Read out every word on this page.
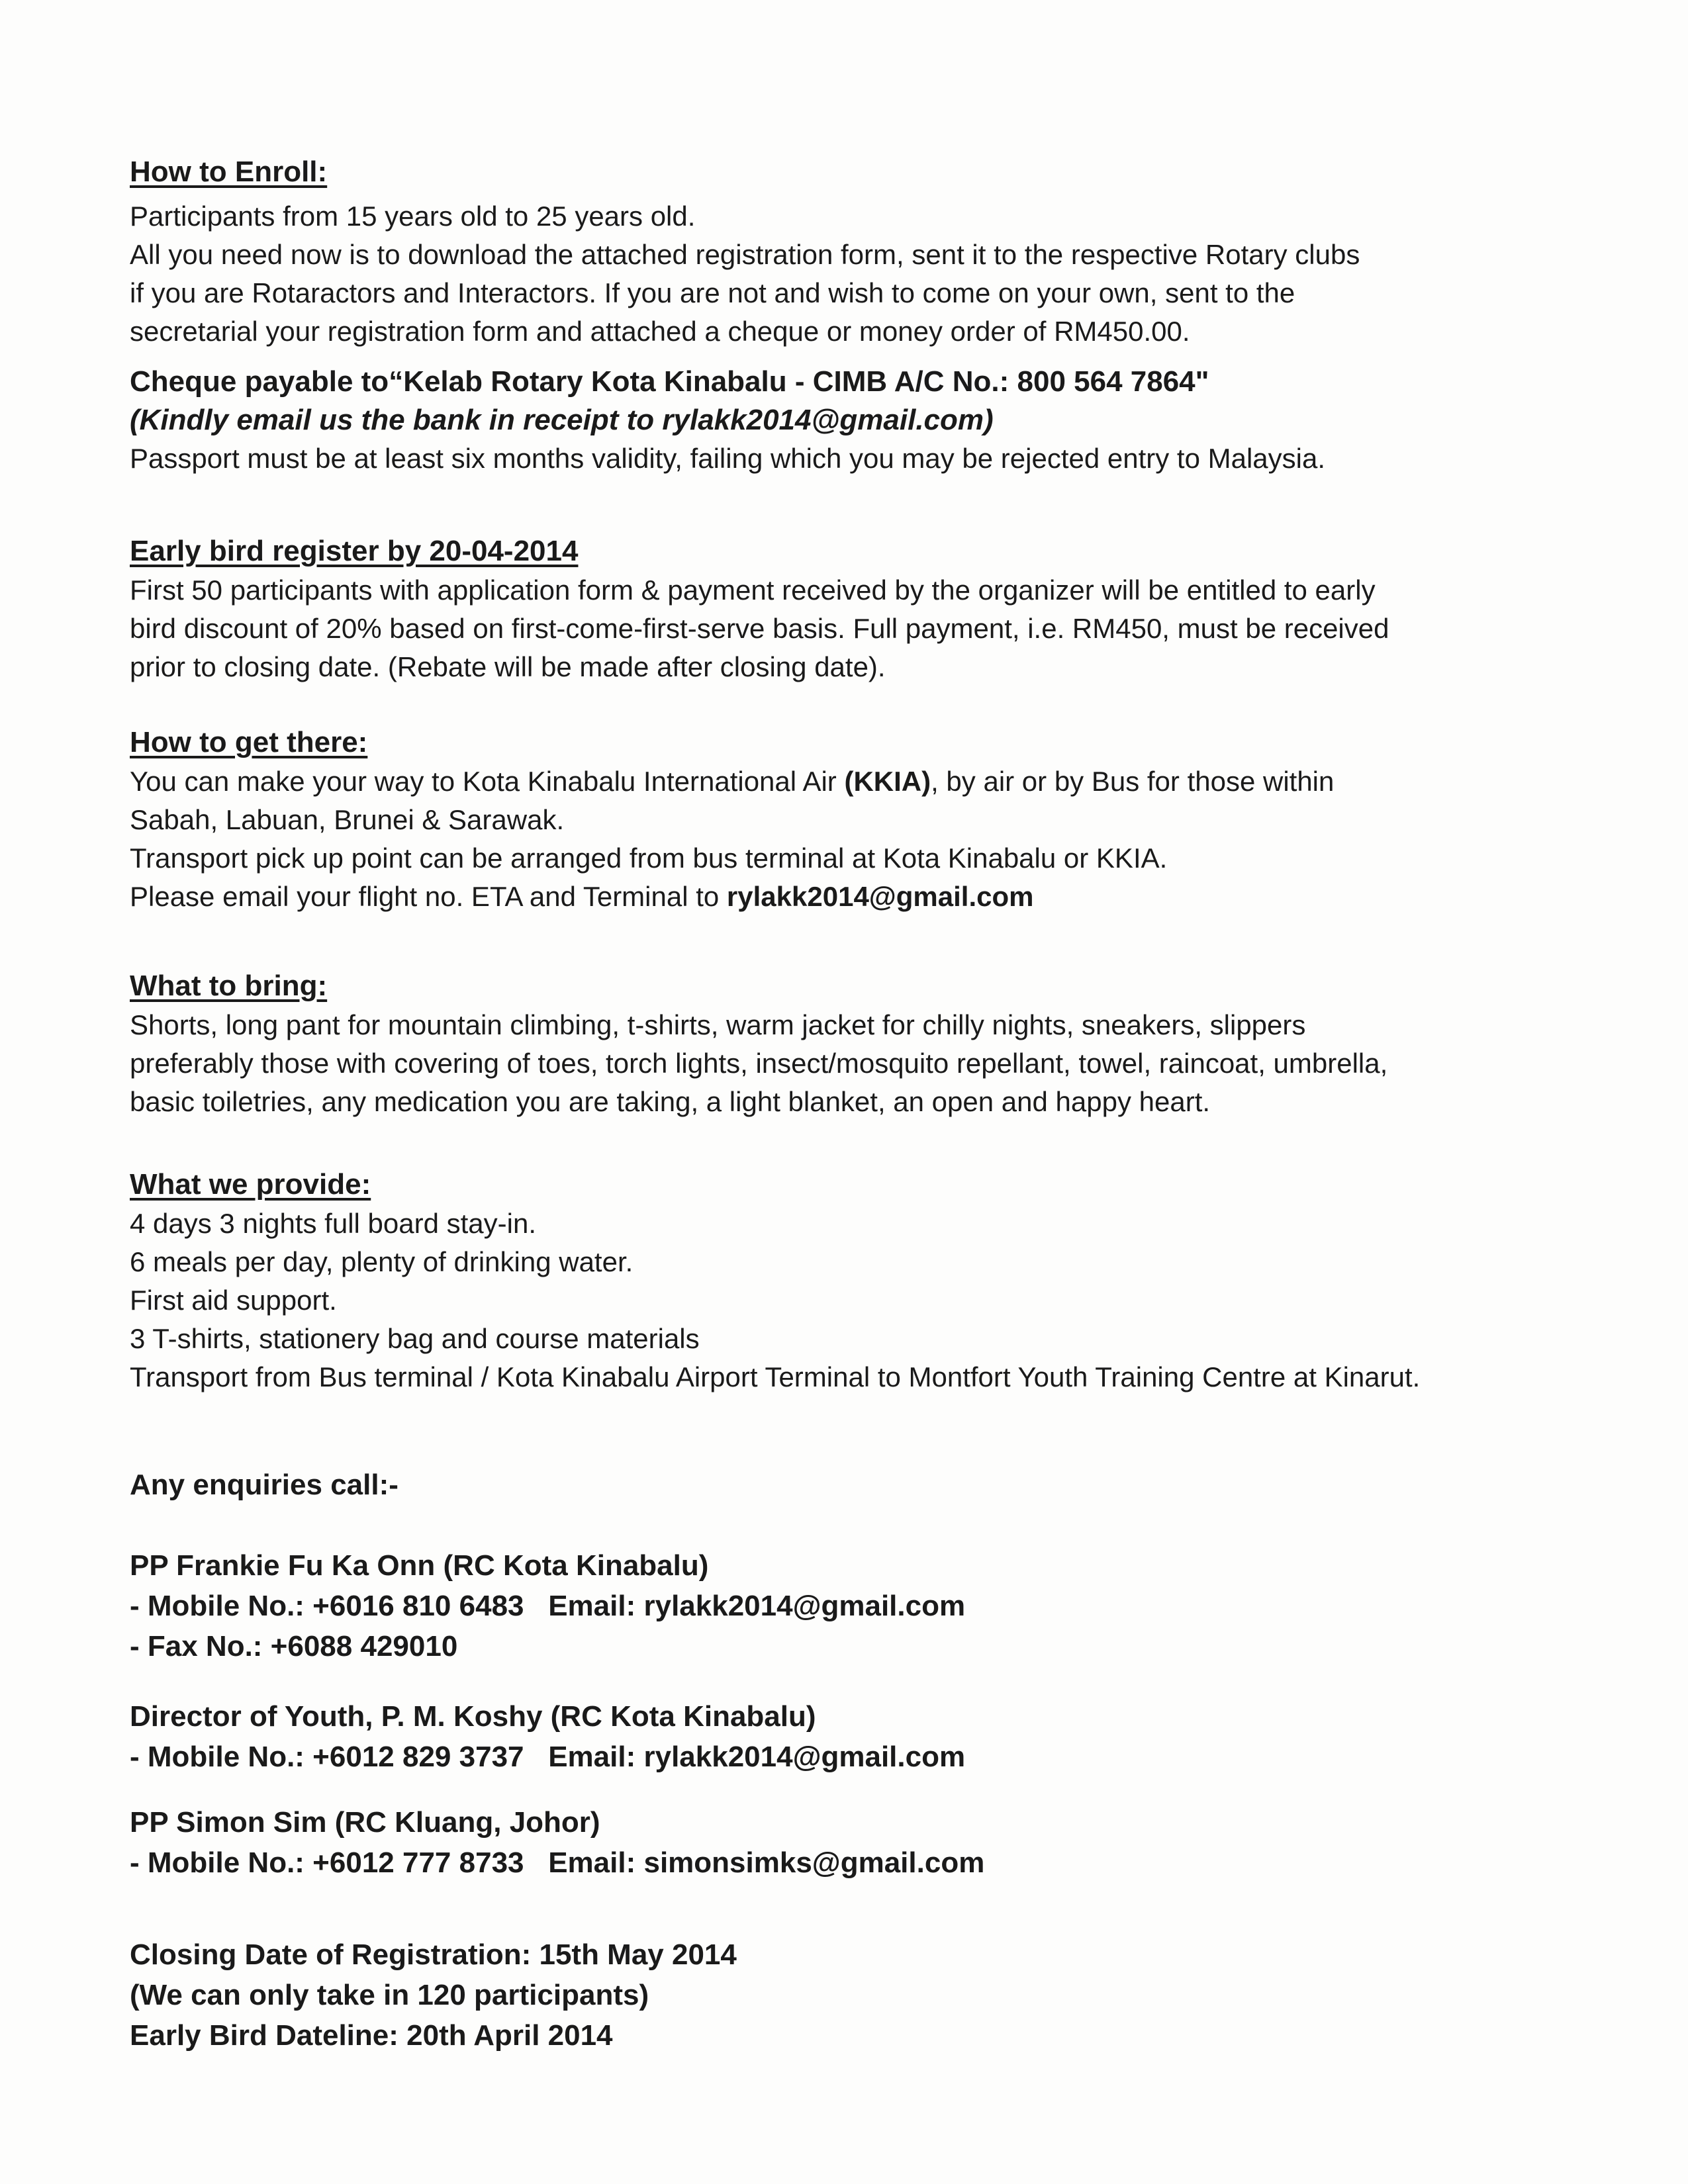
How to Enroll:
Participants from 15 years old to 25 years old.
All you need now is to download the attached registration form, sent it to the respective Rotary clubs
if you are Rotaractors and Interactors. If you are not and wish to come on your own, sent to the
secretarial your registration form and attached a cheque or money order of RM450.00.
Cheque payable to“Kelab Rotary Kota Kinabalu - CIMB A/C No.: 800 564 7864"
(Kindly email us the bank in receipt to rylakk2014@gmail.com)
Passport must be at least six months validity, failing which you may be rejected entry to Malaysia.
Early bird register by 20-04-2014
First 50 participants with application form & payment received by the organizer will be entitled to early
bird discount of 20% based on first-come-first-serve basis. Full payment, i.e. RM450, must be received
prior to closing date. (Rebate will be made after closing date).
How to get there:
You can make your way to Kota Kinabalu International Air (KKIA), by air or by Bus for those within
Sabah, Labuan, Brunei & Sarawak.
Transport pick up point can be arranged from bus terminal at Kota Kinabalu or KKIA.
Please email your flight no. ETA and Terminal to rylakk2014@gmail.com
What to bring:
Shorts, long pant for mountain climbing, t-shirts, warm jacket for chilly nights, sneakers, slippers
preferably those with covering of toes, torch lights, insect/mosquito repellant, towel, raincoat, umbrella,
basic toiletries, any medication you are taking, a light blanket, an open and happy heart.
What we provide:
4 days 3 nights full board stay-in.
6 meals per day, plenty of drinking water.
First aid support.
3 T-shirts, stationery bag and course materials
Transport from Bus terminal / Kota Kinabalu Airport Terminal to Montfort Youth Training Centre at Kinarut.
Any enquiries call:-
PP Frankie Fu Ka Onn (RC Kota Kinabalu)
- Mobile No.: +6016 810 6483 Email: rylakk2014@gmail.com
- Fax No.: +6088 429010
Director of Youth, P. M. Koshy (RC Kota Kinabalu)
- Mobile No.: +6012 829 3737 Email: rylakk2014@gmail.com
PP Simon Sim (RC Kluang, Johor)
- Mobile No.: +6012 777 8733 Email: simonsimks@gmail.com
Closing Date of Registration: 15th May 2014
(We can only take in 120 participants)
Early Bird Dateline: 20th April 2014
